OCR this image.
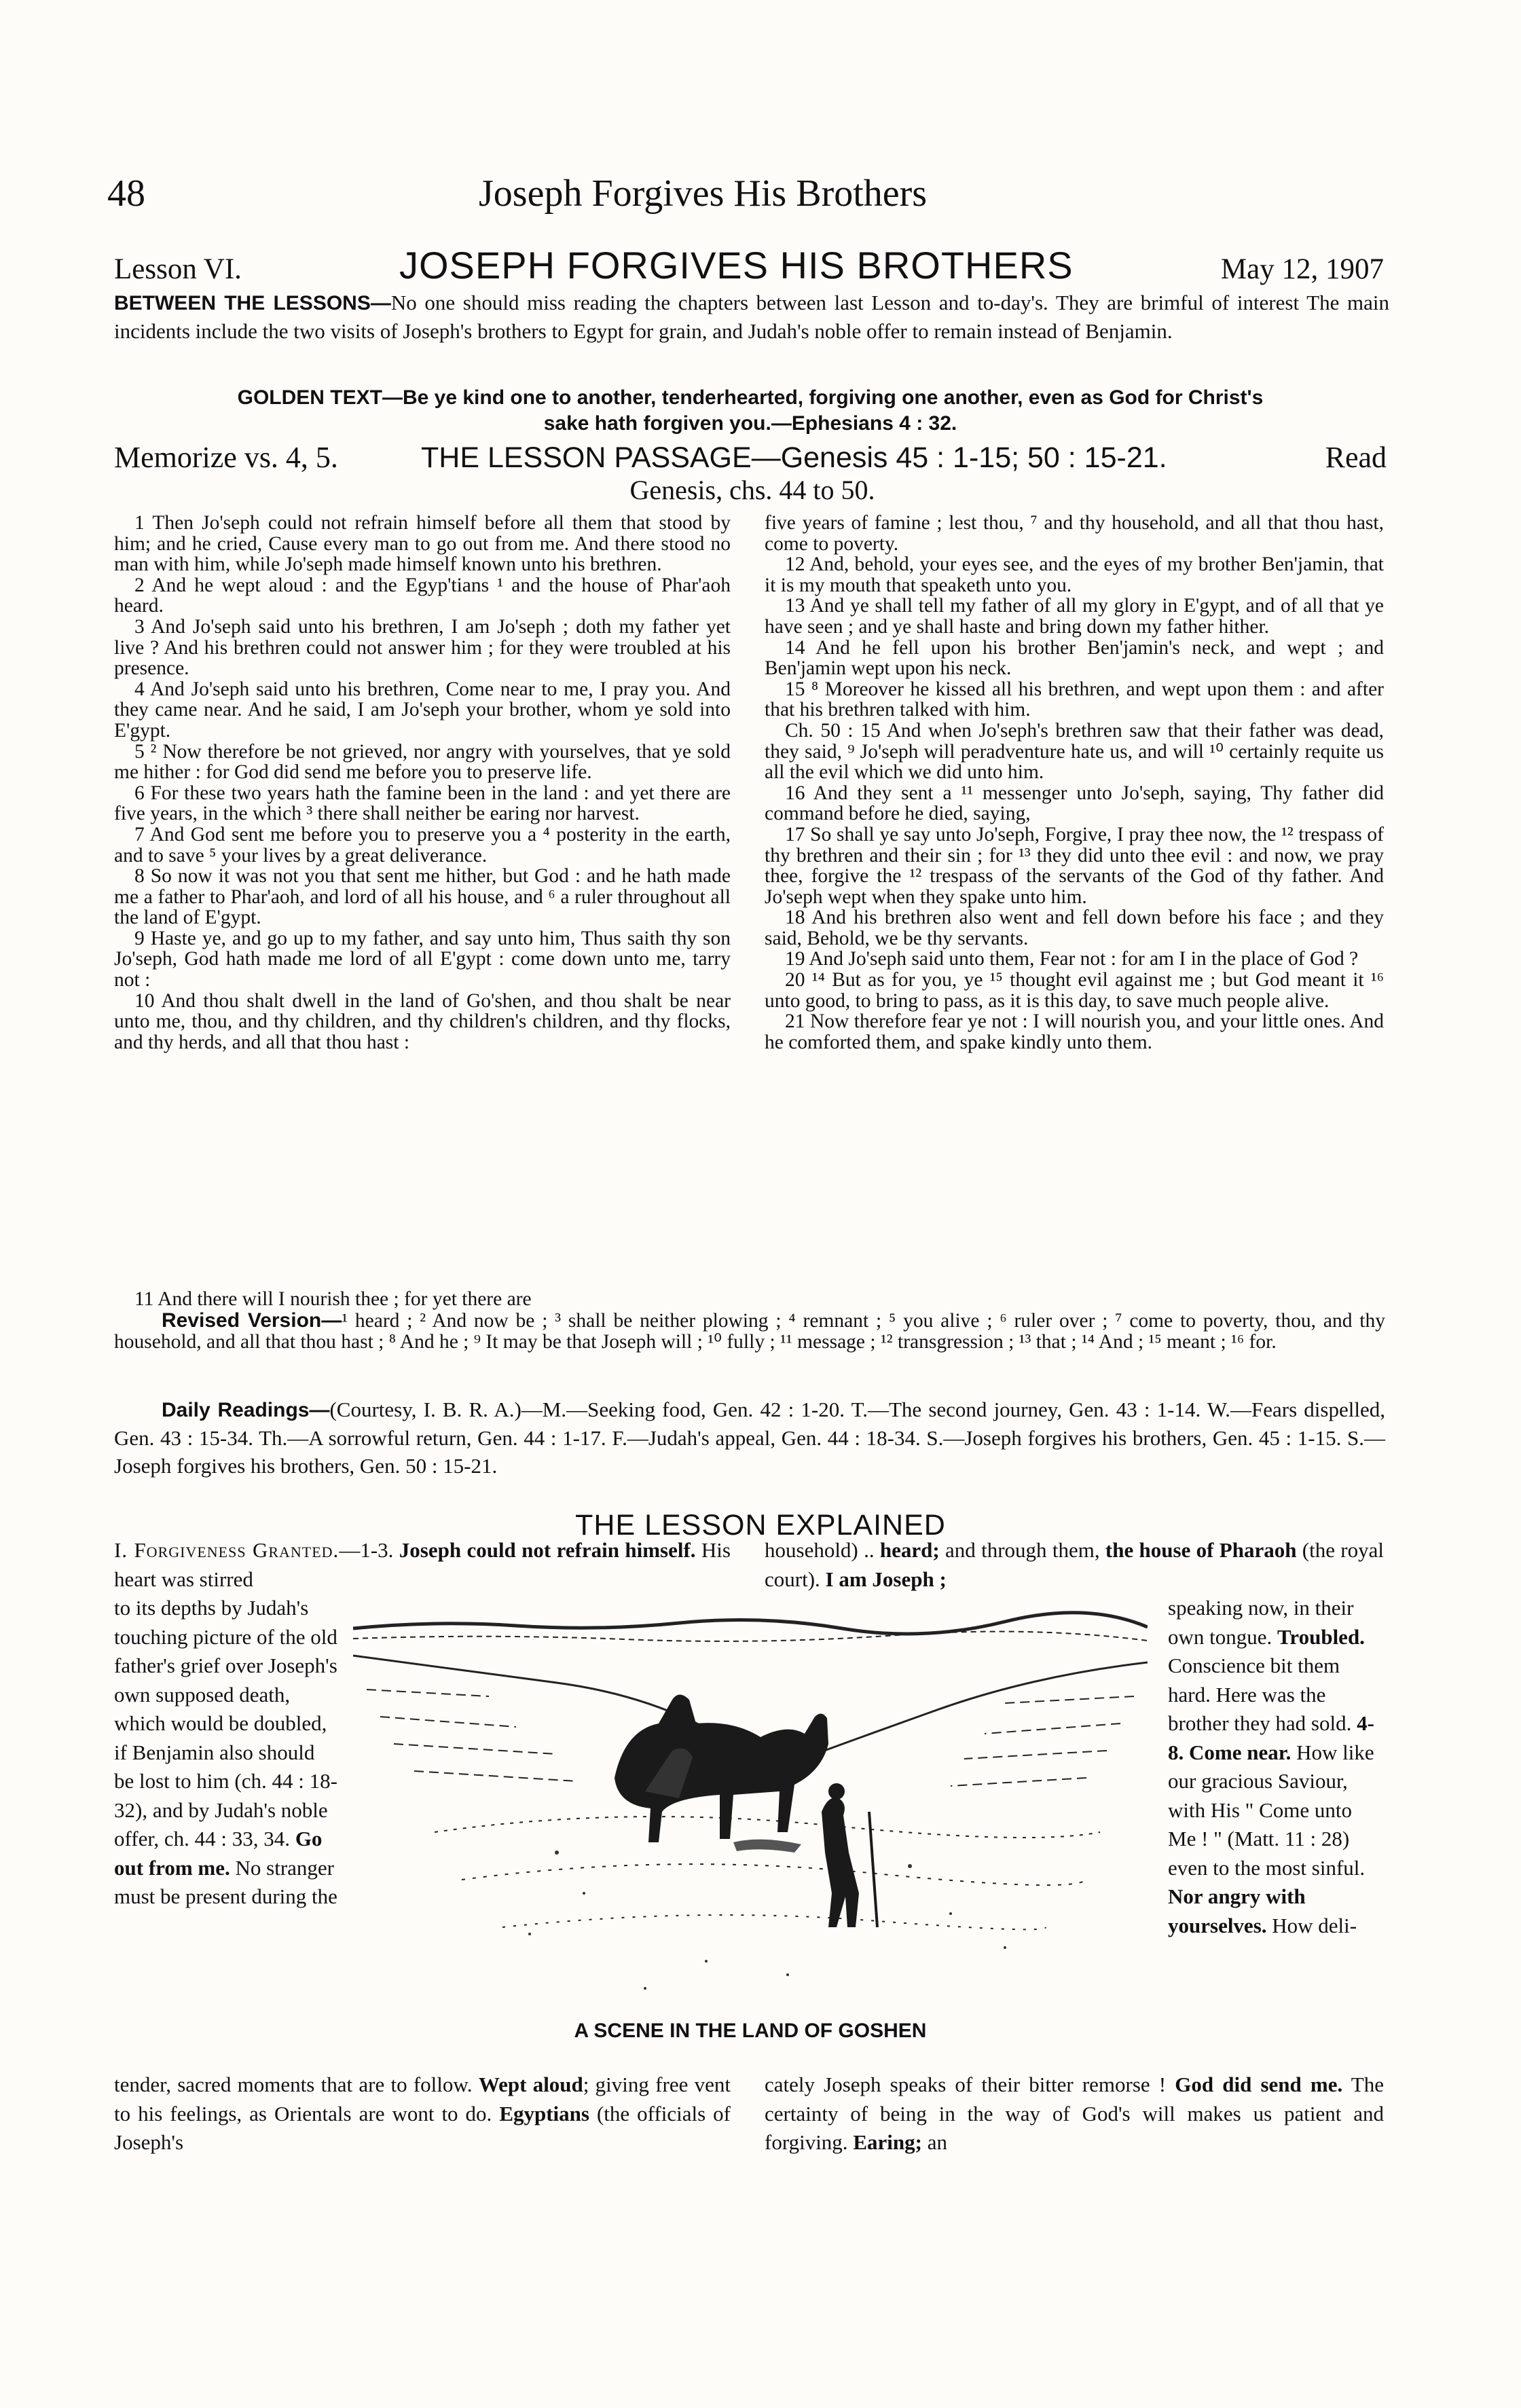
48	Joseph Forgives His Brothers
Lesson VI.	JOSEPH FORGIVES HIS BROTHERS	May 12, 1907
BETWEEN THE LESSONS—No one should miss reading the chapters between last Lesson and to-day's. They are brimful of interest The main incidents include the two visits of Joseph's brothers to Egypt for grain, and Judah's noble offer to remain instead of Benjamin.
GOLDEN TEXT—Be ye kind one to another, tenderhearted, forgiving one another, even as God for Christ's
sake hath forgiven you.—Ephesians 4 : 32.
Memorize vs. 4, 5.	THE LESSON PASSAGE—Genesis 45 : 1-15; 50 : 15-21.	Read
Genesis, chs. 44 to 50.

1 Then Jo'seph could not refrain himself before all them that stood by him; and he cried, Cause every man to go out from me. And there stood no man with him, while Jo'seph made himself known unto his brethren.

2 And he wept aloud : and the Egyp'tians ¹ and the house of Phar'aoh heard.

3 And Jo'seph said unto his brethren, I am Jo'seph ; doth my father yet live ? And his brethren could not answer him ; for they were troubled at his presence.

4 And Jo'seph said unto his brethren, Come near to me, I pray you. And they came near. And he said, I am Jo'seph your brother, whom ye sold into E'gypt.

5 ² Now therefore be not grieved, nor angry with yourselves, that ye sold me hither : for God did send me before you to preserve life.

6 For these two years hath the famine been in the land : and yet there are five years, in the which ³ there shall neither be earing nor harvest.

7 And God sent me before you to preserve you a ⁴ posterity in the earth, and to save ⁵ your lives by a great deliverance.

8 So now it was not you that sent me hither, but God : and he hath made me a father to Phar'aoh, and lord of all his house, and ⁶ a ruler throughout all the land of E'gypt.

9 Haste ye, and go up to my father, and say unto him, Thus saith thy son Jo'seph, God hath made me lord of all E'gypt : come down unto me, tarry not :

10 And thou shalt dwell in the land of Go'shen, and thou shalt be near unto me, thou, and thy children, and thy children's children, and thy flocks, and thy herds, and all that thou hast :

five years of famine ; lest thou, ⁷ and thy household, and all that thou hast, come to poverty.

12 And, behold, your eyes see, and the eyes of my brother Ben'jamin, that it is my mouth that speaketh unto you.

13 And ye shall tell my father of all my glory in E'gypt, and of all that ye have seen ; and ye shall haste and bring down my father hither.

14 And he fell upon his brother Ben'jamin's neck, and wept ; and Ben'jamin wept upon his neck.

15 ⁸ Moreover he kissed all his brethren, and wept upon them : and after that his brethren talked with him.

Ch. 50 : 15 And when Jo'seph's brethren saw that their father was dead, they said, ⁹ Jo'seph will peradventure hate us, and will ¹⁰ certainly requite us all the evil which we did unto him.

16 And they sent a ¹¹ messenger unto Jo'seph, saying, Thy father did command before he died, saying,

17 So shall ye say unto Jo'seph, Forgive, I pray thee now, the ¹² trespass of thy brethren and their sin ; for ¹³ they did unto thee evil : and now, we pray thee, forgive the ¹² trespass of the servants of the God of thy father. And Jo'seph wept when they spake unto him.

18 And his brethren also went and fell down before his face ; and they said, Behold, we be thy servants.

19 And Jo'seph said unto them, Fear not : for am I in the place of God ?

20 ¹⁴ But as for you, ye ¹⁵ thought evil against me ; but God meant it ¹⁶ unto good, to bring to pass, as it is this day, to save much people alive.

21 Now therefore fear ye not : I will nourish you, and your little ones. And he comforted them, and spake kindly unto them.

11 And there will I nourish thee ; for yet there are

Revised Version—¹ heard ; ² And now be ; ³ shall be neither plowing ; ⁴ remnant ; ⁵ you alive ; ⁶ ruler over ; ⁷ come to poverty, thou, and thy household, and all that thou hast ; ⁸ And he ; ⁹ It may be that Joseph will ; ¹⁰ fully ; ¹¹ message ; ¹² transgression ; ¹³ that ; ¹⁴ And ; ¹⁵ meant ; ¹⁶ for.
Daily Readings—(Courtesy, I. B. R. A.)—M.—Seeking food, Gen. 42 : 1-20. T.—The second journey, Gen. 43 : 1-14. W.—Fears dispelled, Gen. 43 : 15-34. Th.—A sorrowful return, Gen. 44 : 1-17. F.—Judah's appeal, Gen. 44 : 18-34. S.—Joseph forgives his brothers, Gen. 45 : 1-15. S.—Joseph forgives his brothers, Gen. 50 : 15-21.
THE LESSON EXPLAINED
I. Forgiveness Granted.—1-3. Joseph could not refrain himself. His heart was stirred
to its depths by Judah's touching picture of the old father's grief over Joseph's own supposed death, which would be doubled, if Benjamin also should be lost to him (ch. 44 : 18-32), and by Judah's noble offer, ch. 44 : 33, 34. Go out from me. No stranger must be present during the
household) .. heard; and through them, the house of Pharaoh (the royal court). I am Joseph ;
speaking now, in their own tongue. Troubled. Conscience bit them hard. Here was the brother they had sold. 4-8. Come near. How like our gracious Saviour, with His " Come unto Me ! " (Matt. 11 : 28) even to the most sinful. Nor angry with yourselves. How deli-
A SCENE IN THE LAND OF GOSHEN
tender, sacred moments that are to follow. Wept aloud; giving free vent to his feelings, as Orientals are wont to do. Egyptians (the officials of Joseph's
cately Joseph speaks of their bitter remorse ! God did send me. The certainty of being in the way of God's will makes us patient and forgiving. Earing; an
